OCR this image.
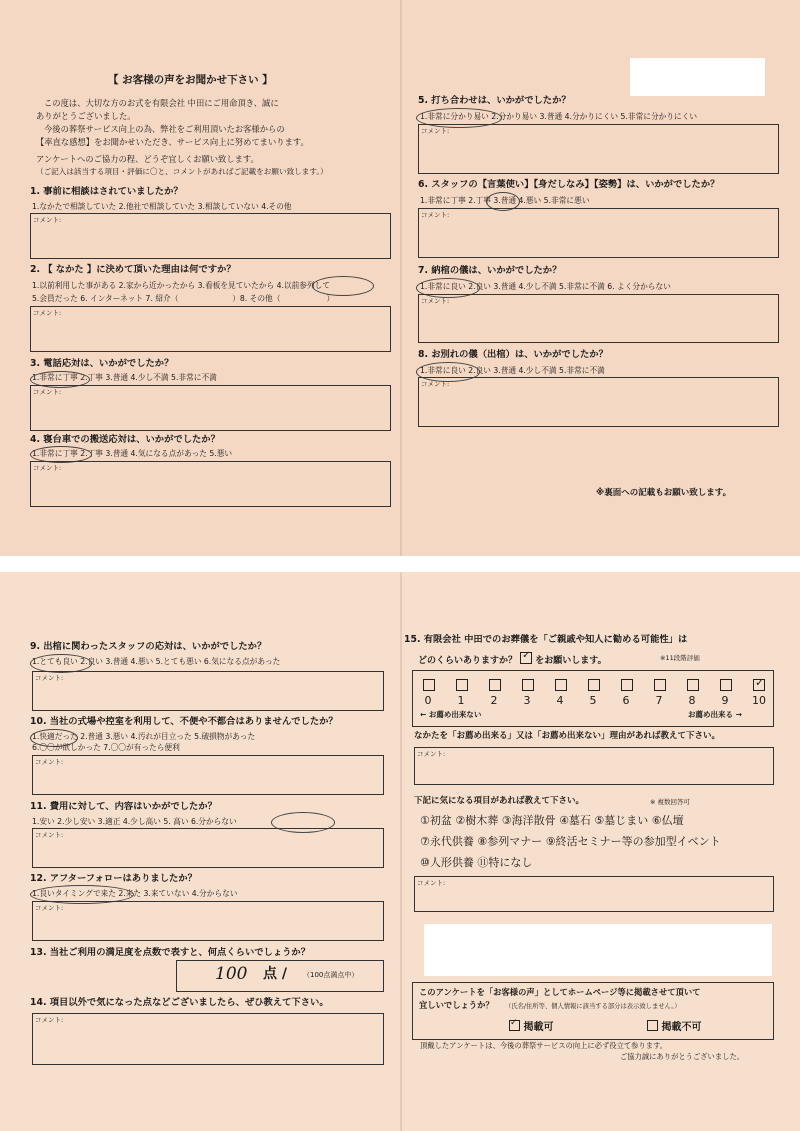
【 お客様の声をお聞かせ下さい 】
この度は、大切な方のお式を有限会社 中田にご用命頂き、誠に
ありがとうございました。
今後の葬祭サービス向上の為、弊社をご利用頂いたお客様からの
【率直な感想】をお聞かせいただき、サービス向上に努めてまいります。
アンケートへのご協力の程、どうぞ宜しくお願い致します。
（ご記入は該当する項目・評価に〇と、コメントがあればご記載をお願い致します。）
1. 事前に相談はされていましたか？
1.なかたで相談していた 2.他社で相談していた 3.相談していない 4.その他
コメント:
2. 【 なかた 】に決めて頂いた理由は何ですか？
1.以前利用した事がある 2.家から近かったから 3.看板を見ていたから 4.以前参列して
5.会員だった 6. インターネット 7. 紹介（　　　　　　　）8. その他（　　　　　　）
コメント:
3. 電話応対は、いかがでしたか？
1.非常に丁寧 2.丁寧 3.普通 4.少し不満 5.非常に不満
コメント:
4. 寝台車での搬送応対は、いかがでしたか？
1.非常に丁寧 2.丁寧 3.普通 4.気になる点があった 5.悪い
コメント:
5. 打ち合わせは、いかがでしたか？
1.非常に分かり易い 2.分かり易い 3.普通 4.分かりにくい 5.非常に分かりにくい
コメント:
6. スタッフの【言葉使い】【身だしなみ】【姿勢】は、いかがでしたか？
1.非常に丁寧 2.丁寧 3.普通 4.悪い 5.非常に悪い
コメント:
7. 納棺の儀は、いかがでしたか？
1.非常に良い 2.良い 3.普通 4.少し不満 5.非常に不満 6. よく分からない
コメント:
8. お別れの儀（出棺）は、いかがでしたか？
1.非常に良い 2.良い 3.普通 4.少し不満 5.非常に不満
コメント:
※裏面への記載もお願い致します。
9. 出棺に関わったスタッフの応対は、いかがでしたか？
1.とても良い 2.良い 3.普通 4.悪い 5.とても悪い 6.気になる点があった
コメント:
10. 当社の式場や控室を利用して、不便や不都合はありませんでしたか？
1.快適だった 2.普通 3.悪い 4.汚れが目立った 5.破損物があった
6.〇〇が欲しかった 7.〇〇が有ったら便利
コメント:
11. 費用に対して、内容はいかがでしたか？
1.安い 2.少し安い 3.適正 4.少し高い 5. 高い 6.分からない
コメント:
12. アフターフォローはありましたか？
1.良いタイミングで来た 2.来た 3.来ていない 4.分からない
コメント:
13. 当社ご利用の満足度を点数で表すと、何点くらいでしょうか？
100 点 / （100点満点中）
14. 項目以外で気になった点などございましたら、ぜひ教えて下さい。
コメント:
15. 有限会社 中田でのお葬儀を「ご親戚や知人に勧める可能性」は
どのくらいありますか？ ✓ をお願いします。	※11段階評価
✓
0	1	2	3	4	5	6	7	8	9	10
← お薦め出来ない	お薦め出来る →
なかたを「お薦め出来る」又は「お薦め出来ない」理由があれば教えて下さい。
コメント:
下記に気になる項目があれば教えて下さい。	※ 複数回答可
①初盆 ②樹木葬 ③海洋散骨 ④墓石 ⑤墓じまい ⑥仏壇
⑦永代供養 ⑧参列マナー ⑨終活セミナー等の参加型イベント
⑩人形供養 ⑪特になし
コメント:
このアンケートを「お客様の声」としてホームページ等に掲載させて頂いて
宜しいでしょうか？ （氏名/住所等、個人情報に該当する部分は表示致しません。）
✓ 掲載可	掲載不可
頂戴したアンケートは、今後の葬祭サービスの向上に必ず役立て参ります。
ご協力誠にありがとうございました。
